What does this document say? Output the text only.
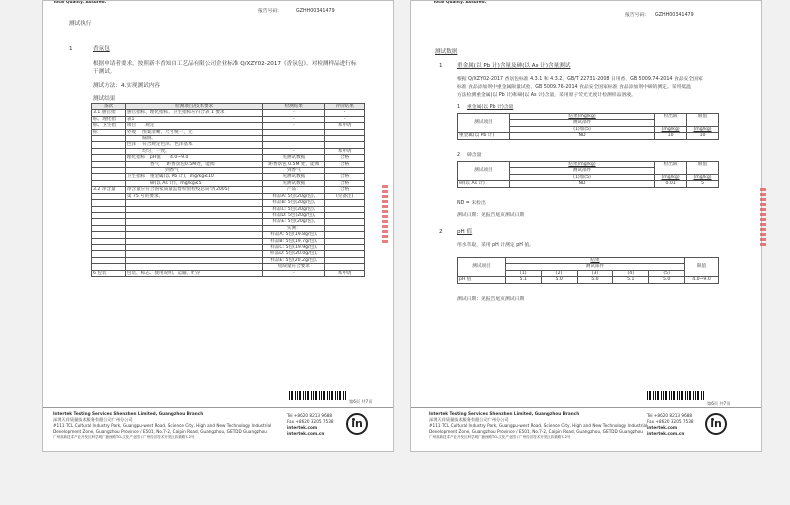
Total Quality. Assured.
报告号码:	GZHH00341479
测试执行
1	香氛包
根据申请者要求，按照新丰香知自工艺品有限公司企业标准 Q/XZY02-2017《香氛包》，对检测样品进行标
干测试。
测试方法：4.实现测试内容
测试结果
条款	检测项目/技术要求	检测结果	评价结果
3.1 感官指	感官指标、理化指标、卫生指标应符合表 1 要求	-	-
标、理化指	表1	-	-
标、卫生指	项目　　规定	-	本申请
标	外观　 图案清晰，尺寸统一，无		
	　　　 漏洞。		
	色泽　 符合规定色泽，色泽基本		
	　　　 均匀，一致。	-	本申请
	理化指标　pH值　　4.0~9.0	见测试数据	合格
	　　　　　香气 　 距香氛包0.5M处，能闻	距香氛包 0.5M 处，能闻	合格
	　　　　　　　　 到香气	到香气	
	卫生指标　重金属(以 Pb 计)，mg/kg≤10	见测试数据	合格
	　　　　　砷(以 As 计)，mg/kg≤5	见测试数据	合格
3.2 净含量	净含量应符合国家质量监督检验检疫总局令[2005]	产品：	合格
	第 75 号的要求。	样品A: 5包(20g/包),	(见备注)
		样品B: 5包(20g/包),	
		样品C: 5包(20g/包),	
		样品D: 5包(20g/包),	
		样品E: 5包(20g/包),	
		实测：	
		样品A: 5包(19.8g/包),	
		样品B: 5包(19.7g/包),	
		样品C: 5包(19.9g/包),	
		样品D: 5包(20.0g/包),	
		样品E: 5包(20.2g/包),	
		短缺量符合要求	
6 包装	包装、标志、使用说明、运输、贮存	-	本申请
第6页 共7页
Intertek Testing Services Shenzhen Limited, Guangzhou Branch
深圳天祥质量技术服务有限公司广州分公司
#111 TCL Cultural Industry Park, Guangpu-west Road, Science City, High and New Technology Industrial
Development Zone, Guangzhou Province / E501, No.7-2, Caipin Road, Guangzhou, GETDD Guangzhou
广州高新技术产业开发区科学城广浦西路TCL文化产业园 / 广州经济技术开发区彩频路7-2号
Tel +8620 8213 9688
Fax +8620 3205 7538
intertek.com
intertek.com.cn
in
Total Quality. Assured.
报告号码: GZHH00341479
测试数据
1	重金属(以 Pb 计)含量及砷(以 As 计)含量测试
根据 Q/XZY02-2017 香氛包标准 4.3.1 和 4.3.2、GB/T 22731-2008 日用香、GB 5009.74-2014 食品安全国家
标准 食品添加剂中重金属限量试验、GB 5009.76-2014 食品安全国家标准 食品添加剂中砷的测定。采用低温
方法检测重金属(以 Pb 计)和砷(以 As 计)含量，采用原子荧光光度计检测样品溶液。
1 重金属(以 Pb 计)含量
测试项目	结果(mg/kg)	检出限	限值
	测试部件		
	(1)加(5)	(mg/kg)	(mg/kg)
重金属(以 Pb 计)	ND	10	10
2 砷含量
测试项目	结果(mg/kg)	检出限	限值
	测试部件		
	(1)加(5)	(mg/kg)	(mg/kg)
砷(以 As 计)	ND	0.01	5
ND = 未检出
测试日期：见报告尾页测试日期
2	pH 值
用水萃取，采用 pH 计测定 pH 值。
测试项目	结果					限值
	测试部件					
	(1)	(2)	(3)	(4)	(5)	
pH 值	5.1	5.0	5.0	5.1	5.0	4.0~9.0
测试日期：见报告尾页测试日期
第6页 共7页
Intertek Testing Services Shenzhen Limited, Guangzhou Branch
深圳天祥质量技术服务有限公司广州分公司
#111 TCL Cultural Industry Park, Guangpu-west Road, Science City, High and New Technology Industrial
Development Zone, Guangzhou Province / E501, No.7-2, Caipin Road, Guangzhou, GETDD Guangzhou
广州高新技术产业开发区科学城广浦西路TCL文化产业园 / 广州经济技术开发区彩频路7-2号
Tel +8620 8213 9688
Fax +8620 3205 7538
intertek.com
intertek.com.cn
in
